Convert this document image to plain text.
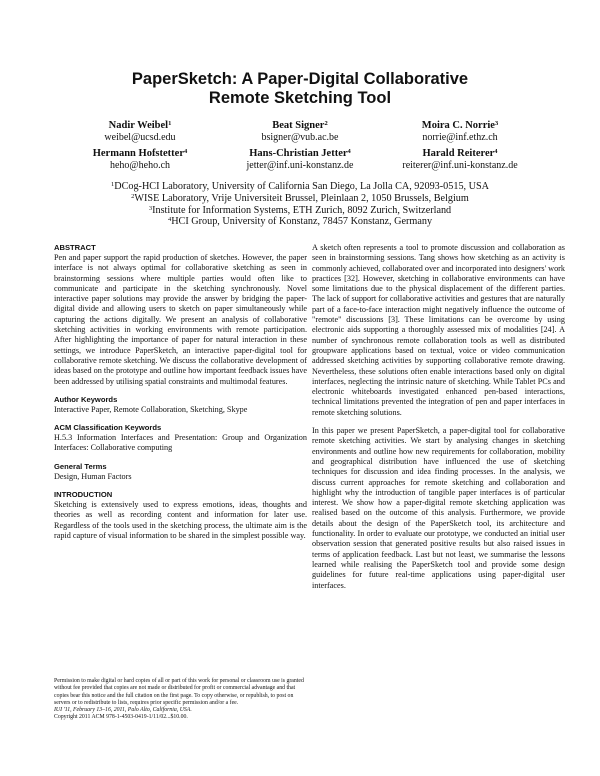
PaperSketch: A Paper-Digital Collaborative
Remote Sketching Tool
Nadir Weibel$^1$
weibel@ucsd.edu
Beat Signer$^2$
bsigner@vub.ac.be
Moira C. Norrie$^3$
norrie@inf.ethz.ch
Hermann Hofstetter$^4$
heho@heho.ch
Hans-Christian Jetter$^4$
jetter@inf.uni-konstanz.de
Harald Reiterer$^4$
reiterer@inf.uni-konstanz.de
$^1$DCog-HCI Laboratory, University of California San Diego, La Jolla CA, 92093-0515, USA
$^2$WISE Laboratory, Vrije Universiteit Brussel, Pleinlaan 2, 1050 Brussels, Belgium
$^3$Institute for Information Systems, ETH Zurich, 8092 Zurich, Switzerland
$^4$HCI Group, University of Konstanz, 78457 Konstanz, Germany

ABSTRACT

Pen and paper support the rapid production of sketches. However, the paper interface is not always optimal for collaborative sketching as seen in brainstorming sessions where multiple parties would often like to communicate and participate in the sketching synchronously. Novel interactive paper solutions may provide the answer by bridging the paper-digital divide and allowing users to sketch on paper simultaneously while capturing the actions digitally. We present an analysis of collaborative sketching activities in working environments with remote participation. After highlighting the importance of paper for natural interaction in these settings, we introduce PaperSketch, an interactive paper-digital tool for collaborative remote sketching. We discuss the collaborative development of ideas based on the prototype and outline how important feedback issues have been addressed by utilising spatial constraints and multimodal features.

Author Keywords

Interactive Paper, Remote Collaboration, Sketching, Skype

ACM Classification Keywords

H.5.3 Information Interfaces and Presentation: Group and Organization Interfaces: Collaborative computing

General Terms

Design, Human Factors

INTRODUCTION

Sketching is extensively used to express emotions, ideas, thoughts and theories as well as recording content and information for later use. Regardless of the tools used in the sketching process, the ultimate aim is the rapid capture of visual information to be shared in the simplest possible way.

Permission to make digital or hard copies of all or part of this work for personal or classroom use is granted without fee provided that copies are not made or distributed for profit or commercial advantage and that copies bear this notice and the full citation on the first page. To copy otherwise, or republish, to post on servers or to redistribute to lists, requires prior specific permission and/or a fee.

IUI '11, February 13–16, 2011, Palo Alto, California, USA.

Copyright 2011 ACM 978-1-4503-0419-1/11/02...$10.00.

A sketch often represents a tool to promote discussion and collaboration as seen in brainstorming sessions. Tang shows how sketching as an activity is commonly achieved, collaborated over and incorporated into designers' work practices [32]. However, sketching in collaborative environments can have some limitations due to the physical displacement of the different parties. The lack of support for collaborative activities and gestures that are naturally part of a face-to-face interaction might negatively influence the outcome of "remote" discussions [3]. These limitations can be overcome by using electronic aids supporting a thoroughly assessed mix of modalities [24]. A number of synchronous remote collaboration tools as well as distributed groupware applications based on textual, voice or video communication addressed sketching activities by supporting collaborative remote drawing. Nevertheless, these solutions often enable interactions based only on digital interfaces, neglecting the intrinsic nature of sketching. While Tablet PCs and electronic whiteboards investigated enhanced pen-based interactions, technical limitations prevented the integration of pen and paper interfaces in remote sketching solutions.

In this paper we present PaperSketch, a paper-digital tool for collaborative remote sketching activities. We start by analysing changes in sketching environments and outline how new requirements for collaboration, mobility and geographical distribution have influenced the use of sketching techniques for discussion and idea finding processes. In the analysis, we discuss current approaches for remote sketching and collaboration and highlight why the introduction of tangible paper interfaces is of particular interest. We show how a paper-digital remote sketching application was realised based on the outcome of this analysis. Furthermore, we provide details about the design of the PaperSketch tool, its architecture and functionality. In order to evaluate our prototype, we conducted an initial user observation session that generated positive results but also raised issues in terms of application feedback. Last but not least, we summarise the lessons learned while realising the PaperSketch tool and provide some design guidelines for future real-time applications using paper-digital user interfaces.
